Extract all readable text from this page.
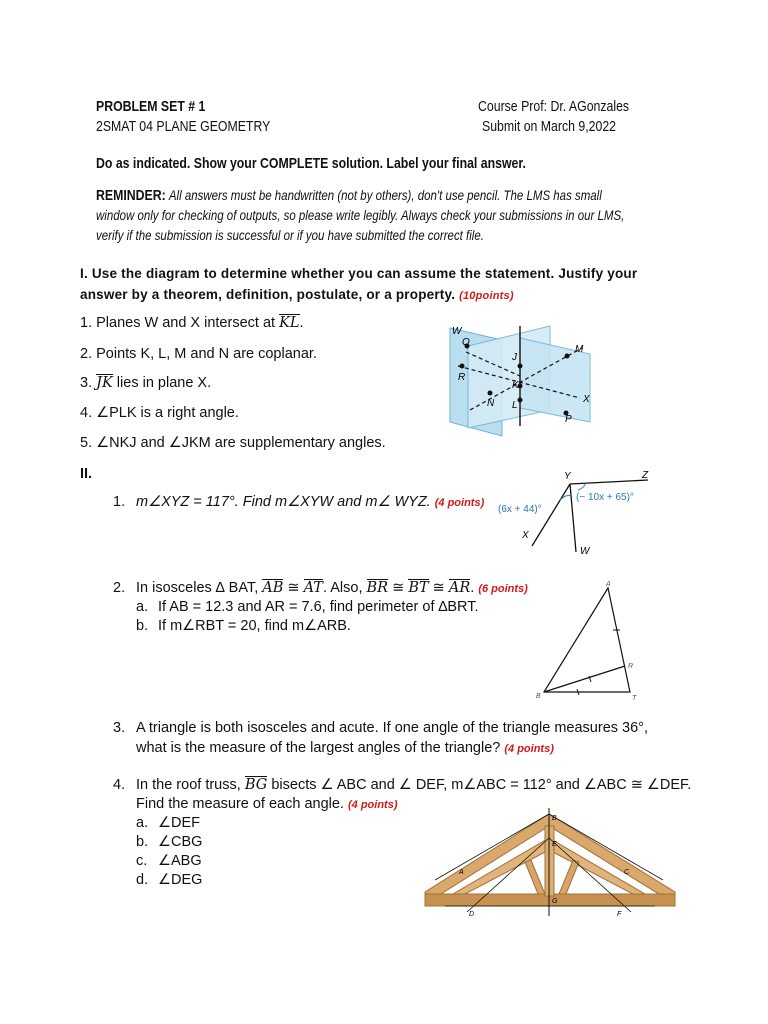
PROBLEM SET # 1
2SMAT 04 PLANE GEOMETRY
Course Prof: Dr. AGonzales
Submit on March 9,2022
Do as indicated. Show your COMPLETE solution. Label your final answer.
REMINDER: All answers must be handwritten (not by others), don't use pencil. The LMS has small
window only for checking of outputs, so please write legibly. Always check your submissions in our LMS,
verify if the submission is successful or if you have submitted the correct file.
I. Use the diagram to determine whether you can assume the statement. Justify your
answer by a theorem, definition, postulate, or a property. (10points)
1. Planes W and X intersect at KL.
2. Points K, L, M and N are coplanar.
3. JK lies in plane X.
4. ∠PLK is a right angle.
5. ∠NKJ and ∠JKM are supplementary angles.
W
Q
J
M
R
K
N L
X
P
II.
1. m∠XYZ = 117°. Find m∠XYW and m∠ WYZ. (4 points)
Y	Z
X
W
(6x + 44)°
(− 10x + 65)°
2. In isosceles ∆ BAT, AB ≅ AT. Also, BR ≅ BT ≅ AR. (6 points)
a. If AB = 12.3 and AR = 7.6, find perimeter of ∆BRT.
b. If m∠RBT = 20, find m∠ARB.
A
R
B	T
3. A triangle is both isosceles and acute. If one angle of the triangle measures 36°,
what is the measure of the largest angles of the triangle? (4 points)
4. In the roof truss, BG bisects ∠ ABC and ∠ DEF, m∠ABC = 112° and ∠ABC ≅ ∠DEF.
Find the measure of each angle. (4 points)
a. ∠DEF
b. ∠CBG
c. ∠ABG
d. ∠DEG
B
E
A	C
G
D	F
